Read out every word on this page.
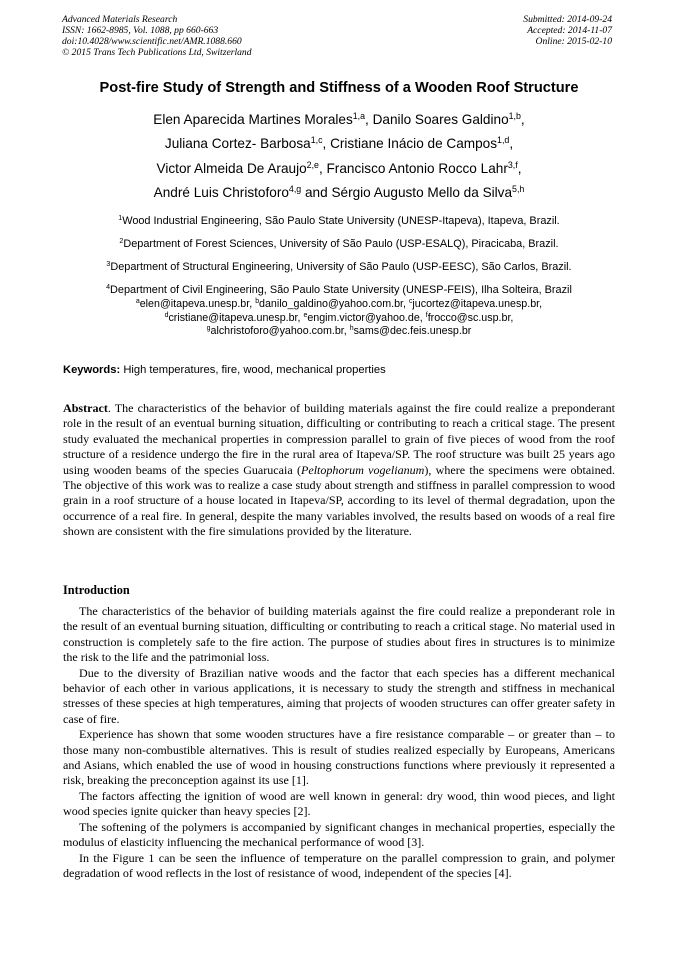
Advanced Materials Research
ISSN: 1662-8985, Vol. 1088, pp 660-663
doi:10.4028/www.scientific.net/AMR.1088.660
© 2015 Trans Tech Publications Ltd, Switzerland
Submitted: 2014-09-24
Accepted: 2014-11-07
Online: 2015-02-10
Post-fire Study of Strength and Stiffness of a Wooden Roof Structure
Elen Aparecida Martines Morales$^{1,a}$, Danilo Soares Galdino$^{1,b}$,
Juliana Cortez- Barbosa$^{1,c}$, Cristiane Inácio de Campos$^{1,d}$,
Victor Almeida De Araujo$^{2,e}$, Francisco Antonio Rocco Lahr$^{3,f}$,
André Luis Christoforo$^{4,g}$ and Sérgio Augusto Mello da Silva$^{5,h}$
$^1$Wood Industrial Engineering, São Paulo State University (UNESP-Itapeva), Itapeva, Brazil.
$^2$Department of Forest Sciences, University of São Paulo (USP-ESALQ), Piracicaba, Brazil.
$^3$Department of Structural Engineering, University of São Paulo (USP-EESC), São Carlos, Brazil.
$^4$Department of Civil Engineering, São Paulo State University (UNESP-FEIS), Ilha Solteira, Brazil
$^a$elen@itapeva.unesp.br, $^b$danilo_galdino@yahoo.com.br, $^c$jucortez@itapeva.unesp.br,
$^d$cristiane@itapeva.unesp.br, $^e$engim.victor@yahoo.de, $^f$frocco@sc.usp.br,
$^g$alchristoforo@yahoo.com.br, $^h$sams@dec.feis.unesp.br
Keywords: High temperatures, fire, wood, mechanical properties
Abstract. The characteristics of the behavior of building materials against the fire could realize a preponderant role in the result of an eventual burning situation, difficulting or contributing to reach a critical stage. The present study evaluated the mechanical properties in compression parallel to grain of five pieces of wood from the roof structure of a residence undergo the fire in the rural area of Itapeva/SP. The roof structure was built 25 years ago using wooden beams of the species Guarucaia (Peltophorum vogelianum), where the specimens were obtained. The objective of this work was to realize a case study about strength and stiffness in parallel compression to wood grain in a roof structure of a house located in Itapeva/SP, according to its level of thermal degradation, upon the occurrence of a real fire. In general, despite the many variables involved, the results based on woods of a real fire shown are consistent with the fire simulations provided by the literature.
Introduction

The characteristics of the behavior of building materials against the fire could realize a preponderant role in the result of an eventual burning situation, difficulting or contributing to reach a critical stage. No material used in construction is completely safe to the fire action. The purpose of studies about fires in structures is to minimize the risk to the life and the patrimonial loss.

Due to the diversity of Brazilian native woods and the factor that each species has a different mechanical behavior of each other in various applications, it is necessary to study the strength and stiffness in mechanical stresses of these species at high temperatures, aiming that projects of wooden structures can offer greater safety in case of fire.

Experience has shown that some wooden structures have a fire resistance comparable – or greater than – to those many non-combustible alternatives. This is result of studies realized especially by Europeans, Americans and Asians, which enabled the use of wood in housing constructions functions where previously it represented a risk, breaking the preconception against its use [1].

The factors affecting the ignition of wood are well known in general: dry wood, thin wood pieces, and light wood species ignite quicker than heavy species [2].

The softening of the polymers is accompanied by significant changes in mechanical properties, especially the modulus of elasticity influencing the mechanical performance of wood [3].

In the Figure 1 can be seen the influence of temperature on the parallel compression to grain, and polymer degradation of wood reflects in the lost of resistance of wood, independent of the species [4].
